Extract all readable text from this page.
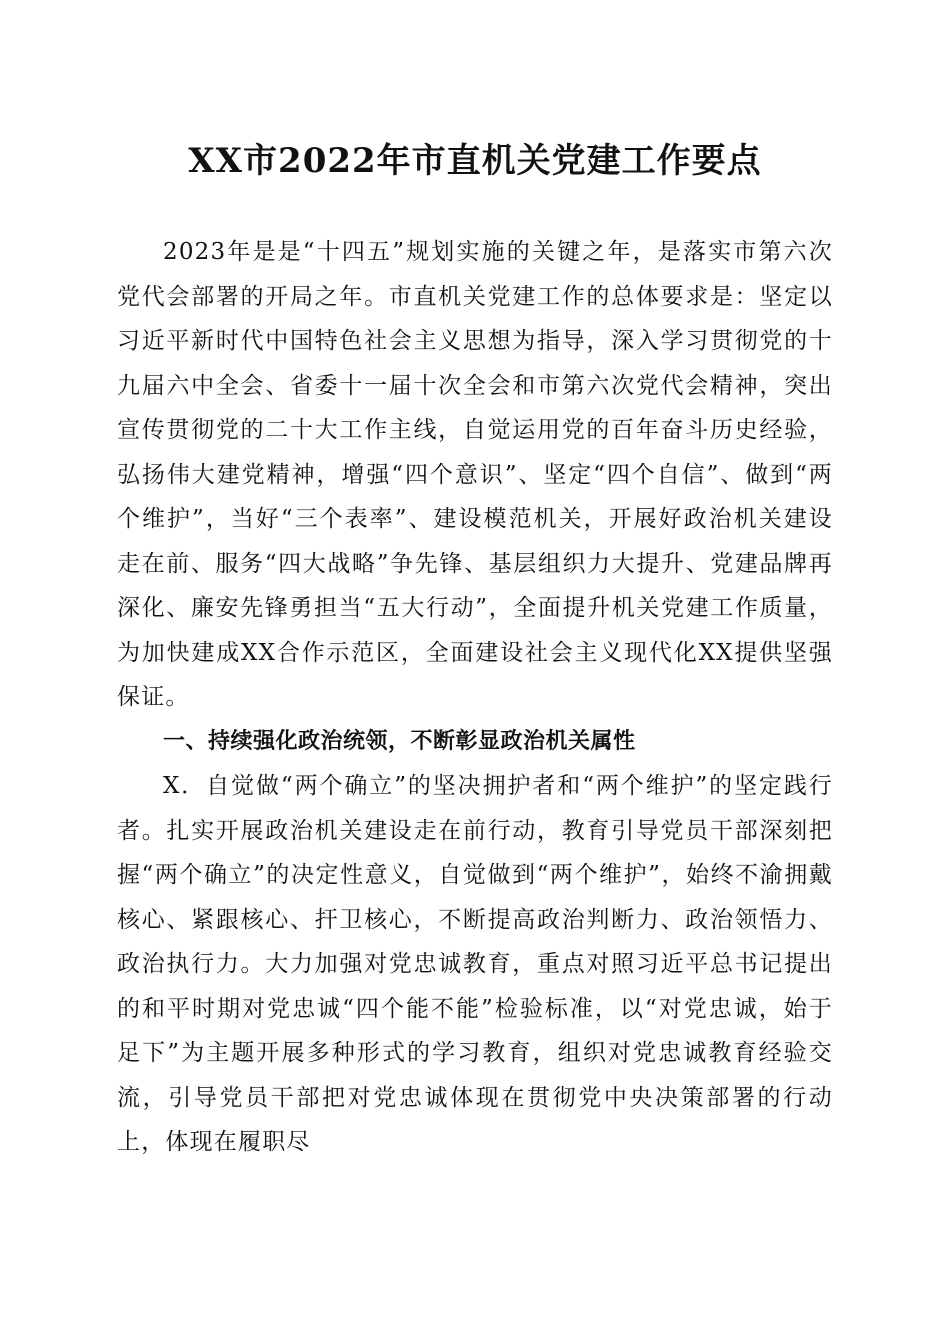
XX市2022年市直机关党建工作要点

2023年是是“十四五”规划实施的关键之年，是落实市第六次党代会部署的开局之年。市直机关党建工作的总体要求是：坚定以习近平新时代中国特色社会主义思想为指导，深入学习贯彻党的十九届六中全会、省委十一届十次全会和市第六次党代会精神，突出宣传贯彻党的二十大工作主线，自觉运用党的百年奋斗历史经验，弘扬伟大建党精神，增强“四个意识”、坚定“四个自信”、做到“两个维护”，当好“三个表率”、建设模范机关，开展好政治机关建设走在前、服务“四大战略”争先锋、基层组织力大提升、党建品牌再深化、廉安先锋勇担当“五大行动”，全面提升机关党建工作质量，为加快建成XX合作示范区，全面建设社会主义现代化XX提供坚强保证。

一、持续强化政治统领，不断彰显政治机关属性

X．自觉做“两个确立”的坚决拥护者和“两个维护”的坚定践行者。扎实开展政治机关建设走在前行动，教育引导党员干部深刻把握“两个确立”的决定性意义，自觉做到“两个维护”，始终不渝拥戴核心、紧跟核心、扞卫核心，不断提高政治判断力、政治领悟力、政治执行力。大力加强对党忠诚教育，重点对照习近平总书记提出的和平时期对党忠诚“四个能不能”检验标准，以“对党忠诚，始于足下”为主题开展多种形式的学习教育，组织对党忠诚教育经验交流，引导党员干部把对党忠诚体现在贯彻党中央决策部署的行动上，体现在履职尽
